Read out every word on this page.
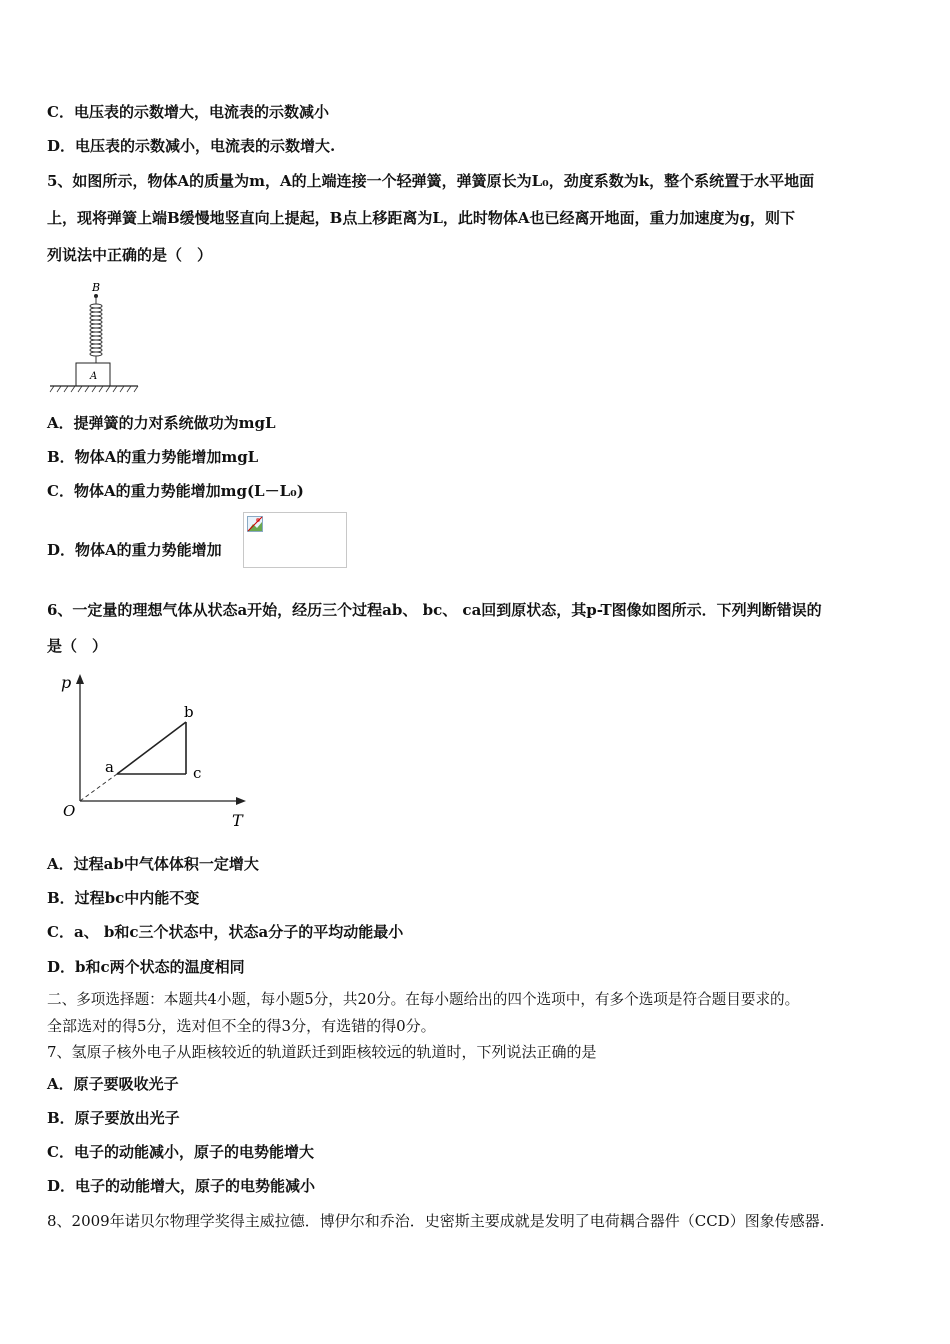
C．电压表的示数增大，电流表的示数减小
D．电压表的示数减小，电流表的示数增大.
5、如图所示，物体A的质量为m，A的上端连接一个轻弹簧，弹簧原长为L₀，劲度系数为k，整个系统置于水平地面
上，现将弹簧上端B缓慢地竖直向上提起，B点上移距离为L，此时物体A也已经离开地面，重力加速度为g，则下
列说法中正确的是（　）
B
A
A．提弹簧的力对系统做功为mgL
B．物体A的重力势能增加mgL
C．物体A的重力势能增加mg(L－L₀)
D．物体A的重力势能增加
6、一定量的理想气体从状态a开始，经历三个过程ab、 bc、 ca回到原状态，其p-T图像如图所示．下列判断错误的
是（　）
p
T
O
a
b
c
A．过程ab中气体体积一定增大
B．过程bc中内能不变
C．a、 b和c三个状态中，状态a分子的平均动能最小
D．b和c两个状态的温度相同
二、多项选择题：本题共4小题，每小题5分，共20分。在每小题给出的四个选项中，有多个选项是符合题目要求的。
全部选对的得5分，选对但不全的得3分，有选错的得0分。
7、氢原子核外电子从距核较近的轨道跃迁到距核较远的轨道时，下列说法正确的是
A．原子要吸收光子
B．原子要放出光子
C．电子的动能减小，原子的电势能增大
D．电子的动能增大，原子的电势能减小
8、2009年诺贝尔物理学奖得主威拉德．博伊尔和乔治．史密斯主要成就是发明了电荷耦合器件（CCD）图象传感器.
